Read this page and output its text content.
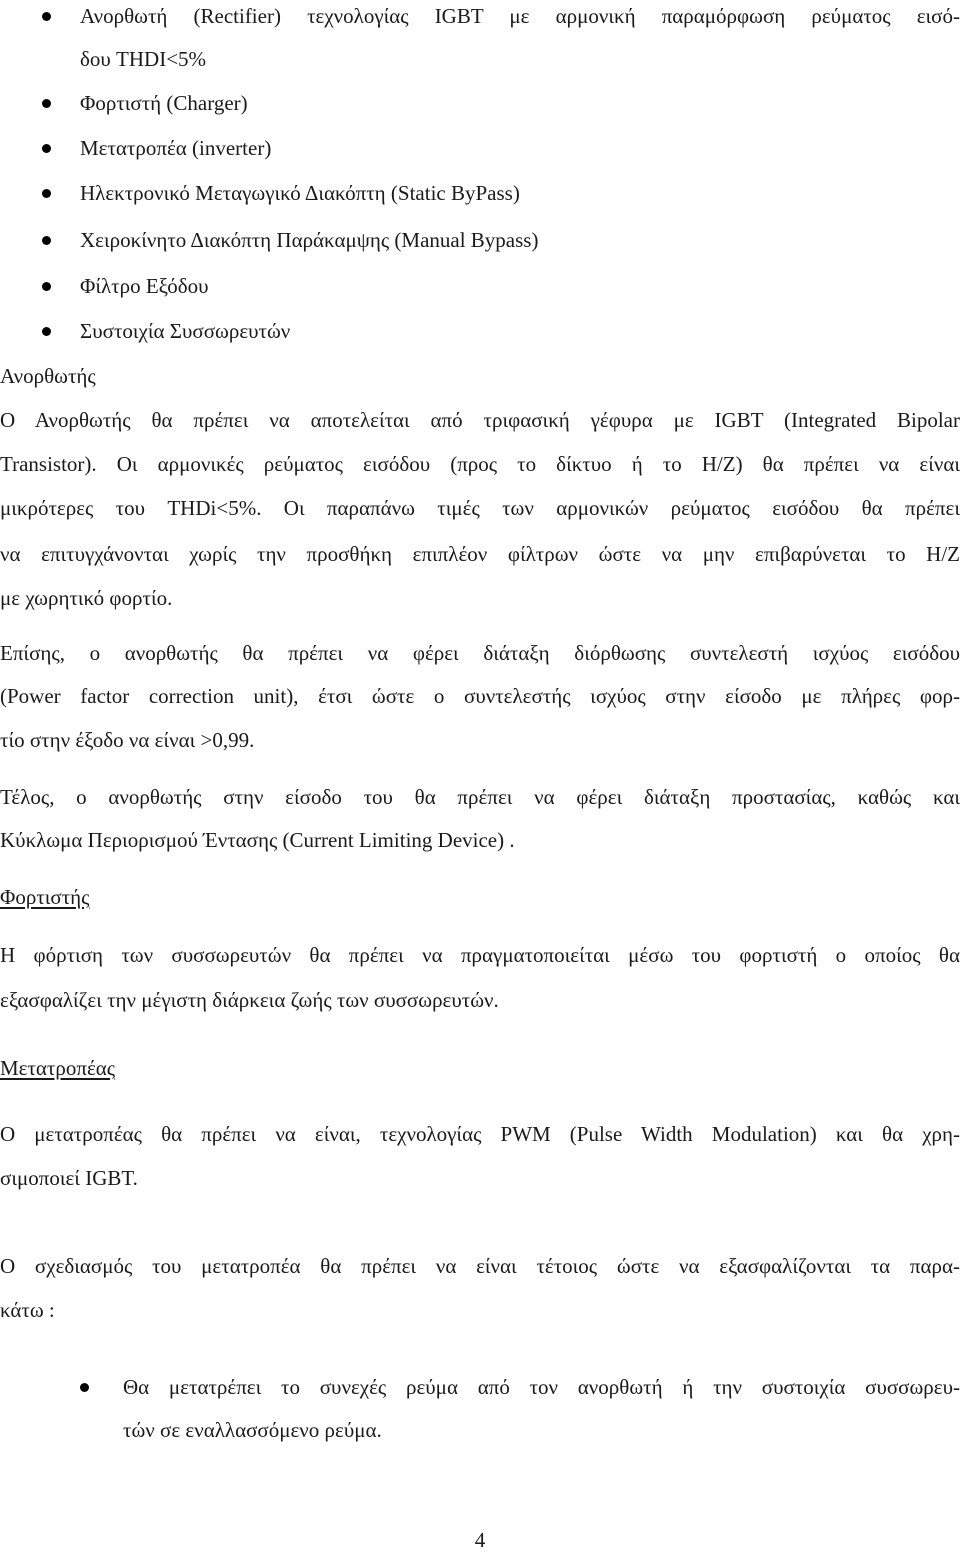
Ανορθωτή (Rectifier) τεχνολογίας IGBT με αρμονική παραμόρφωση ρεύματος εισό-
δου THDI<5%
Φορτιστή (Charger)
Μετατροπέα (inverter)
Ηλεκτρονικό Μεταγωγικό Διακόπτη (Static ByPass)
Χειροκίνητο Διακόπτη Παράκαμψης (Manual Bypass)
Φίλτρο Εξόδου
Συστοιχία Συσσωρευτών
Ανορθωτής
Ο Ανορθωτής θα πρέπει να αποτελείται από τριφασική γέφυρα με IGBT (Integrated Bipolar
Transistor). Οι αρμονικές ρεύματος εισόδου (προς το δίκτυο ή το Η/Ζ) θα πρέπει να είναι
μικρότερες του THDi<5%. Οι παραπάνω τιμές των αρμονικών ρεύματος εισόδου θα πρέπει
να επιτυγχάνονται χωρίς την προσθήκη επιπλέον φίλτρων ώστε να μην επιβαρύνεται το Η/Ζ
με χωρητικό φορτίο.
Επίσης, ο ανορθωτής θα πρέπει να φέρει διάταξη διόρθωσης συντελεστή ισχύος εισόδου
(Power factor correction unit), έτσι ώστε ο συντελεστής ισχύος στην είσοδο με πλήρες φορ-
τίο στην έξοδο να είναι >0,99.
Τέλος, ο ανορθωτής στην είσοδο του θα πρέπει να φέρει διάταξη προστασίας, καθώς και
Κύκλωμα Περιορισμού Έντασης (Current Limiting Device) .
Φορτιστής
Η φόρτιση των συσσωρευτών θα πρέπει να πραγματοποιείται μέσω του φορτιστή ο οποίος θα
εξασφαλίζει την μέγιστη διάρκεια ζωής των συσσωρευτών.
Μετατροπέας
Ο μετατροπέας θα πρέπει να είναι, τεχνολογίας PWM (Pulse Width Modulation) και θα χρη-
σιμοποιεί IGBT.
Ο σχεδιασμός του μετατροπέα θα πρέπει να είναι τέτοιος ώστε να εξασφαλίζονται τα παρα-
κάτω :
Θα μετατρέπει το συνεχές ρεύμα από τον ανορθωτή ή την συστοιχία συσσωρευ-
τών σε εναλλασσόμενο ρεύμα.
4
